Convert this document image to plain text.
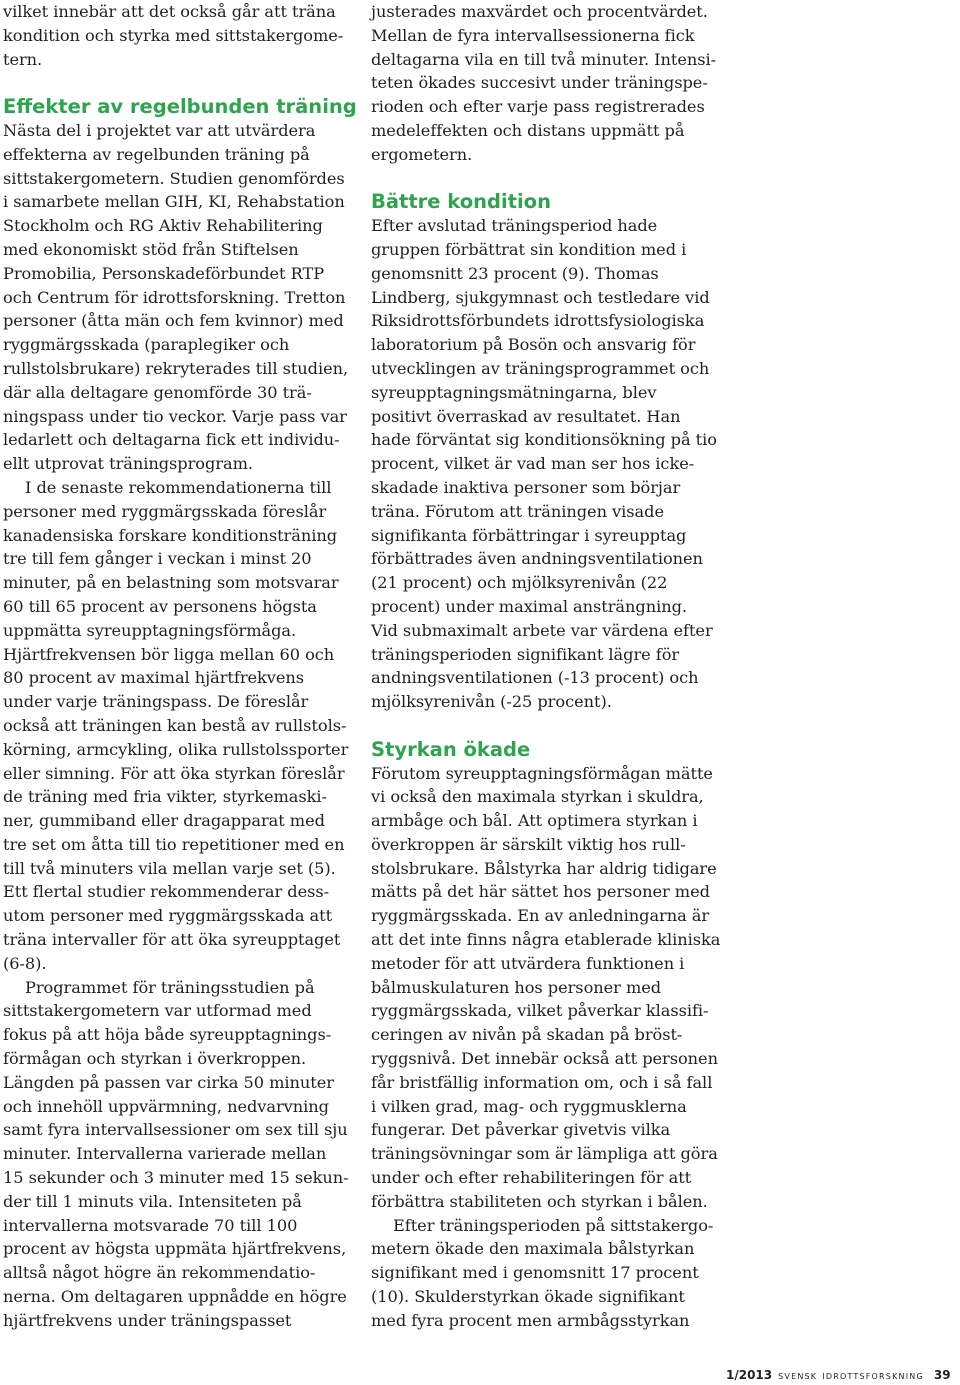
vilket innebär att det också går att träna
kondition och styrka med sittstakergome-
tern.
Effekter av regelbunden träning
Nästa del i projektet var att utvärdera
effekterna av regelbunden träning på
sittstakergometern. Studien genomfördes
i samarbete mellan GIH, KI, Rehabstation
Stockholm och RG Aktiv Rehabilitering
med ekonomiskt stöd från Stiftelsen
Promobilia, Personskadeförbundet RTP
och Centrum för idrottsforskning. Tretton
personer (åtta män och fem kvinnor) med
ryggmärgsskada (paraplegiker och
rullstolsbrukare) rekryterades till studien,
där alla deltagare genomförde 30 trä-
ningspass under tio veckor. Varje pass var
ledarlett och deltagarna fick ett individu-
ellt utprovat träningsprogram.
I de senaste rekommendationerna till
personer med ryggmärgsskada föreslår
kanadensiska forskare konditionsträning
tre till fem gånger i veckan i minst 20
minuter, på en belastning som motsvarar
60 till 65 procent av personens högsta
uppmätta syreupptagningsförmåga.
Hjärtfrekvensen bör ligga mellan 60 och
80 procent av maximal hjärtfrekvens
under varje träningspass. De föreslår
också att träningen kan bestå av rullstols-
körning, armcykling, olika rullstolssporter
eller simning. För att öka styrkan föreslår
de träning med fria vikter, styrkemaski-
ner, gummiband eller dragapparat med
tre set om åtta till tio repetitioner med en
till två minuters vila mellan varje set (5).
Ett flertal studier rekommenderar dess-
utom personer med ryggmärgsskada att
träna intervaller för att öka syreupptaget
(6-8).
Programmet för träningsstudien på
sittstakergometern var utformad med
fokus på att höja både syreupptagnings-
förmågan och styrkan i överkroppen.
Längden på passen var cirka 50 minuter
och innehöll uppvärmning, nedvarvning
samt fyra intervallsessioner om sex till sju
minuter. Intervallerna varierade mellan
15 sekunder och 3 minuter med 15 sekun-
der till 1 minuts vila. Intensiteten på
intervallerna motsvarade 70 till 100
procent av högsta uppmäta hjärtfrekvens,
alltså något högre än rekommendatio-
nerna. Om deltagaren uppnådde en högre
hjärtfrekvens under träningspasset
justerades maxvärdet och procentvärdet.
Mellan de fyra intervallsessionerna fick
deltagarna vila en till två minuter. Intensi-
teten ökades succesivt under träningspe-
rioden och efter varje pass registrerades
medeleffekten och distans uppmätt på
ergometern.
Bättre kondition
Efter avslutad träningsperiod hade
gruppen förbättrat sin kondition med i
genomsnitt 23 procent (9). Thomas
Lindberg, sjukgymnast och testledare vid
Riksidrottsförbundets idrottsfysiologiska
laboratorium på Bosön och ansvarig för
utvecklingen av träningsprogrammet och
syreupptagningsmätningarna, blev
positivt överraskad av resultatet. Han
hade förväntat sig konditionsökning på tio
procent, vilket är vad man ser hos icke-
skadade inaktiva personer som börjar
träna. Förutom att träningen visade
signifikanta förbättringar i syreupptag
förbättrades även andningsventilationen
(21 procent) och mjölksyrenivån (22
procent) under maximal ansträngning.
Vid submaximalt arbete var värdena efter
träningsperioden signifikant lägre för
andningsventilationen (-13 procent) och
mjölksyrenivån (-25 procent).
Styrkan ökade
Förutom syreupptagningsförmågan mätte
vi också den maximala styrkan i skuldra,
armbåge och bål. Att optimera styrkan i
överkroppen är särskilt viktig hos rull-
stolsbrukare. Bålstyrka har aldrig tidigare
mätts på det här sättet hos personer med
ryggmärgsskada. En av anledningarna är
att det inte finns några etablerade kliniska
metoder för att utvärdera funktionen i
bålmuskulaturen hos personer med
ryggmärgsskada, vilket påverkar klassifi-
ceringen av nivån på skadan på bröst-
ryggsnivå. Det innebär också att personen
får bristfällig information om, och i så fall
i vilken grad, mag- och ryggmusklerna
fungerar. Det påverkar givetvis vilka
träningsövningar som är lämpliga att göra
under och efter rehabiliteringen för att
förbättra stabiliteten och styrkan i bålen.
Efter träningsperioden på sittstakergo-
metern ökade den maximala bålstyrkan
signifikant med i genomsnitt 17 procent
(10). Skulderstyrkan ökade signifikant
med fyra procent men armbågsstyrkan
1/2013 svensk idrottsforskning 39
